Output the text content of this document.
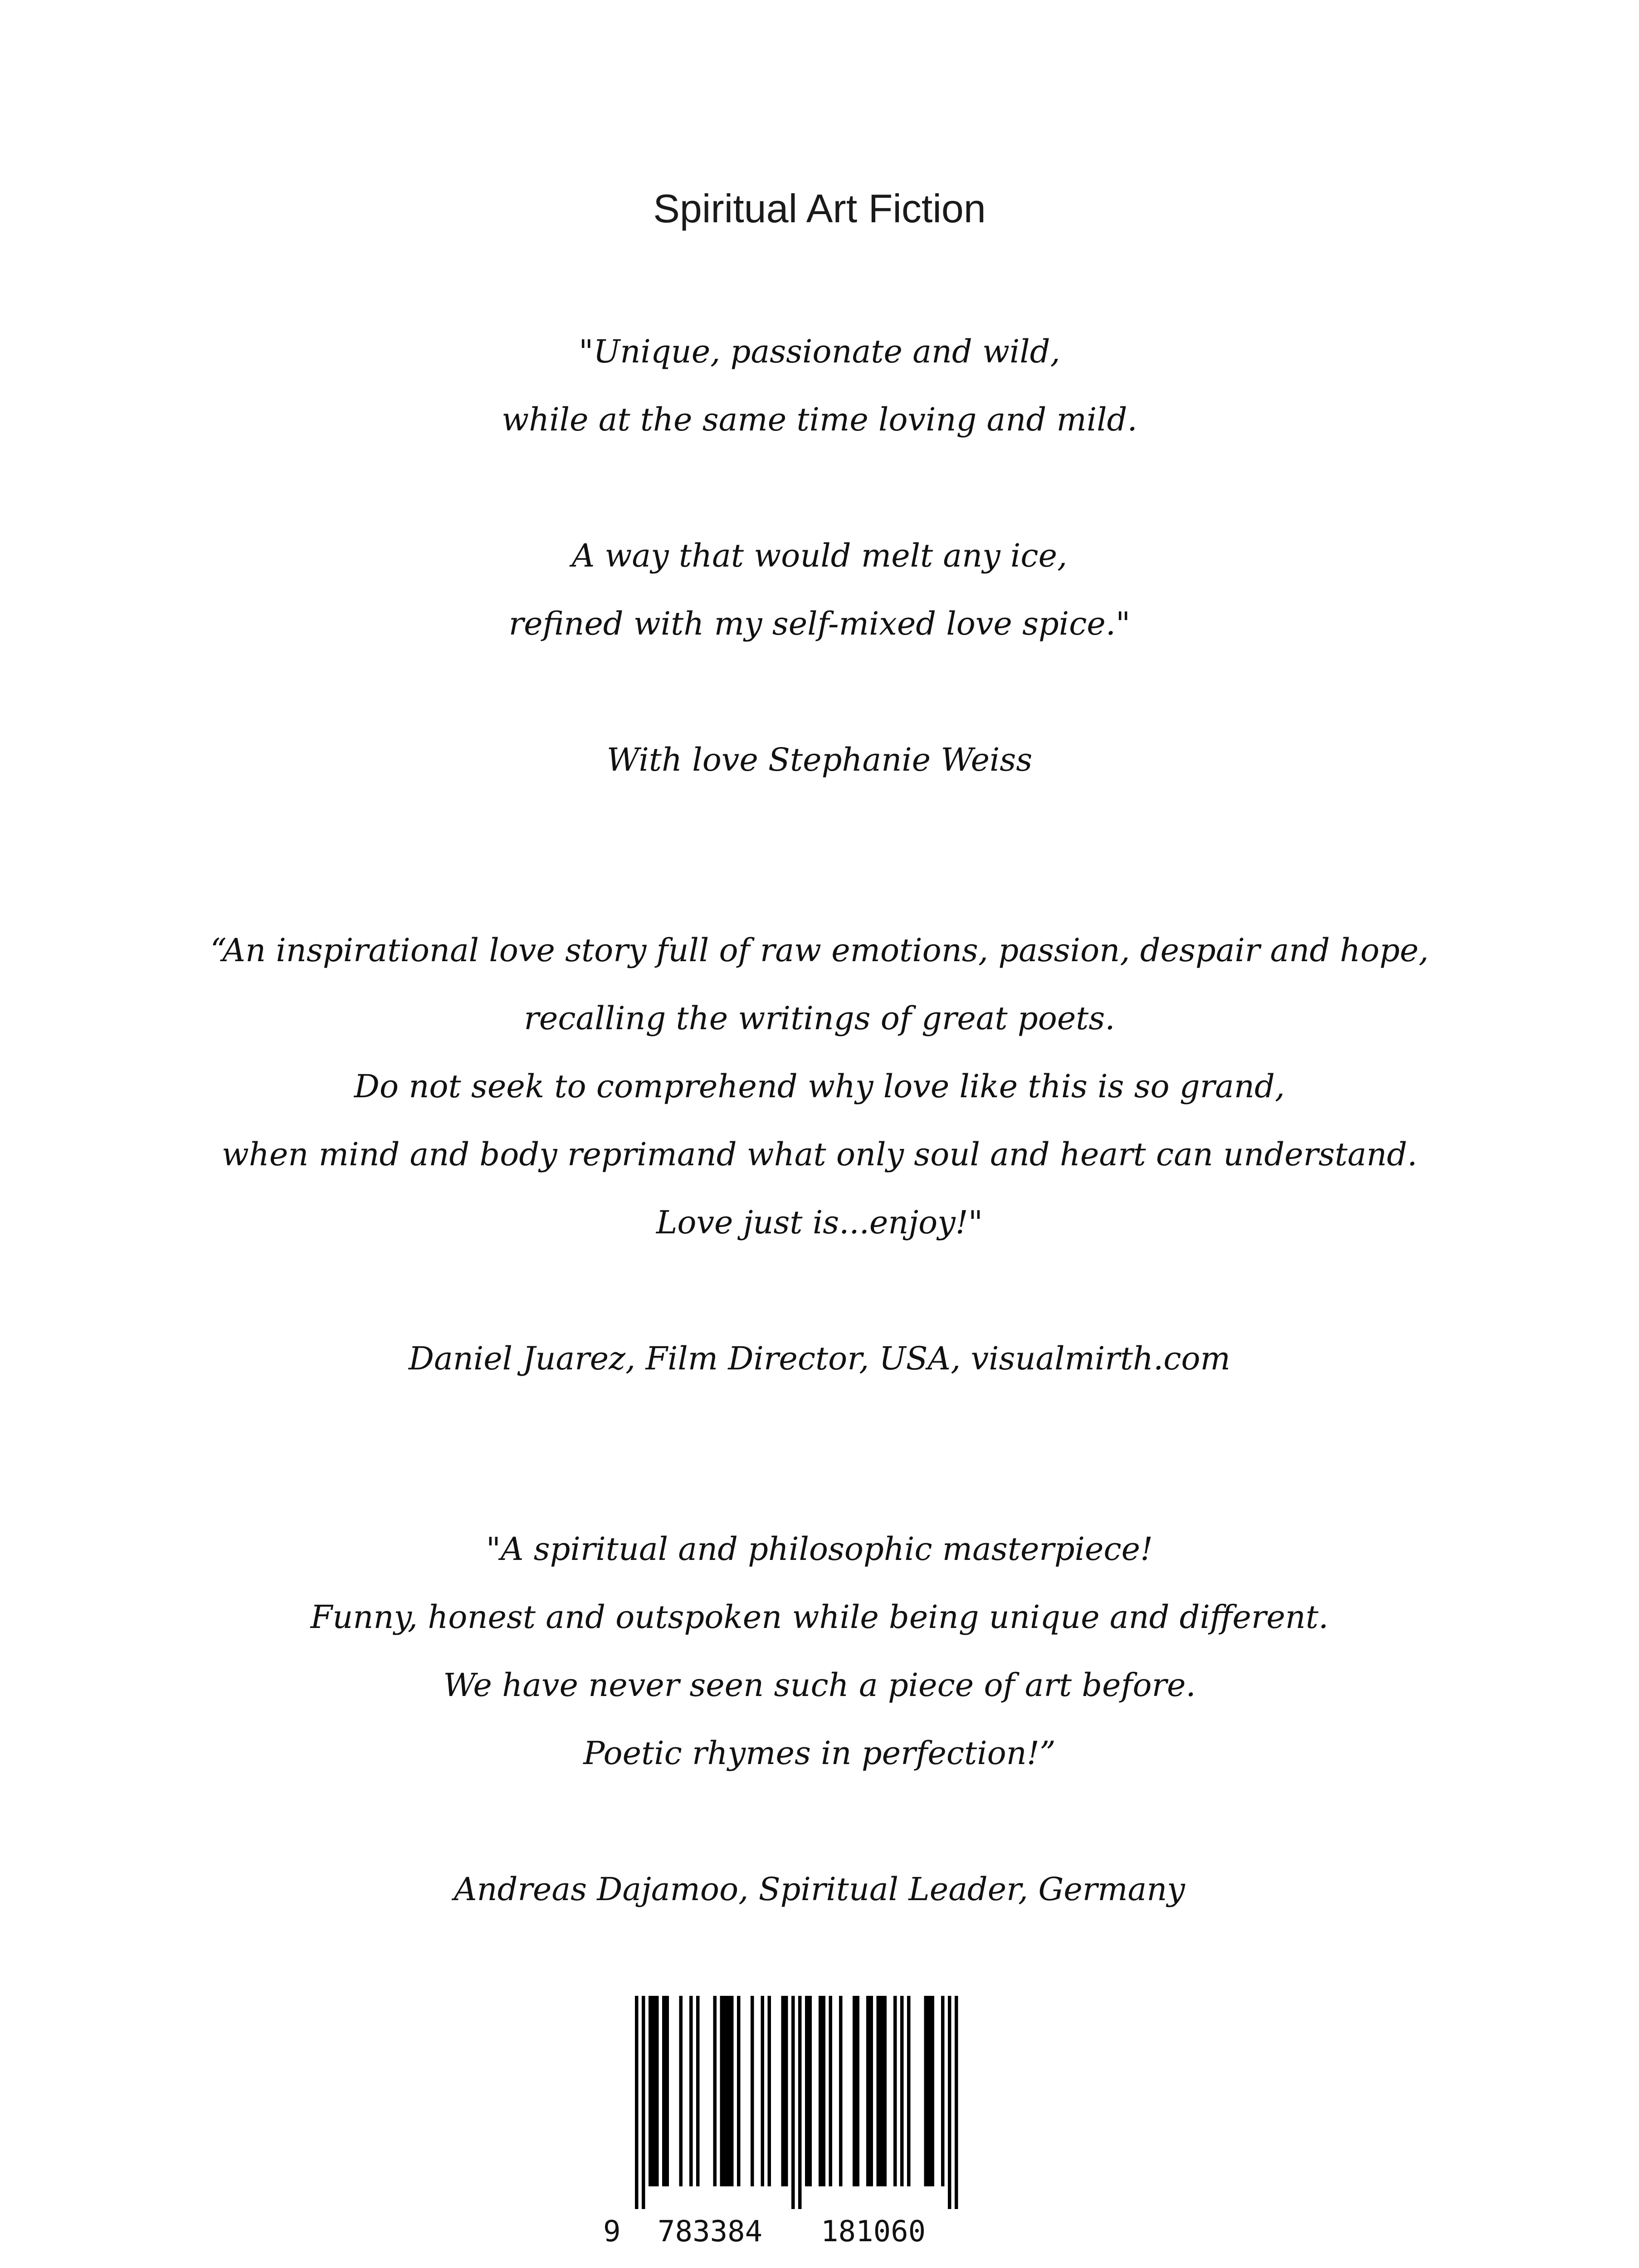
Spiritual Art Fiction
"Unique, passionate and wild,
while at the same time loving and mild.
A way that would melt any ice,
refined with my self-mixed love spice."
With love Stephanie Weiss
“An inspirational love story full of raw emotions, passion, despair and hope,
recalling the writings of great poets.
Do not seek to comprehend why love like this is so grand,
when mind and body reprimand what only soul and heart can understand.
Love just is...enjoy!"
Daniel Juarez, Film Director, USA, visualmirth.com
"A spiritual and philosophic masterpiece!
Funny, honest and outspoken while being unique and different.
We have never seen such a piece of art before.
Poetic rhymes in perfection!”
Andreas Dajamoo, Spiritual Leader, Germany
9 783384 181060
